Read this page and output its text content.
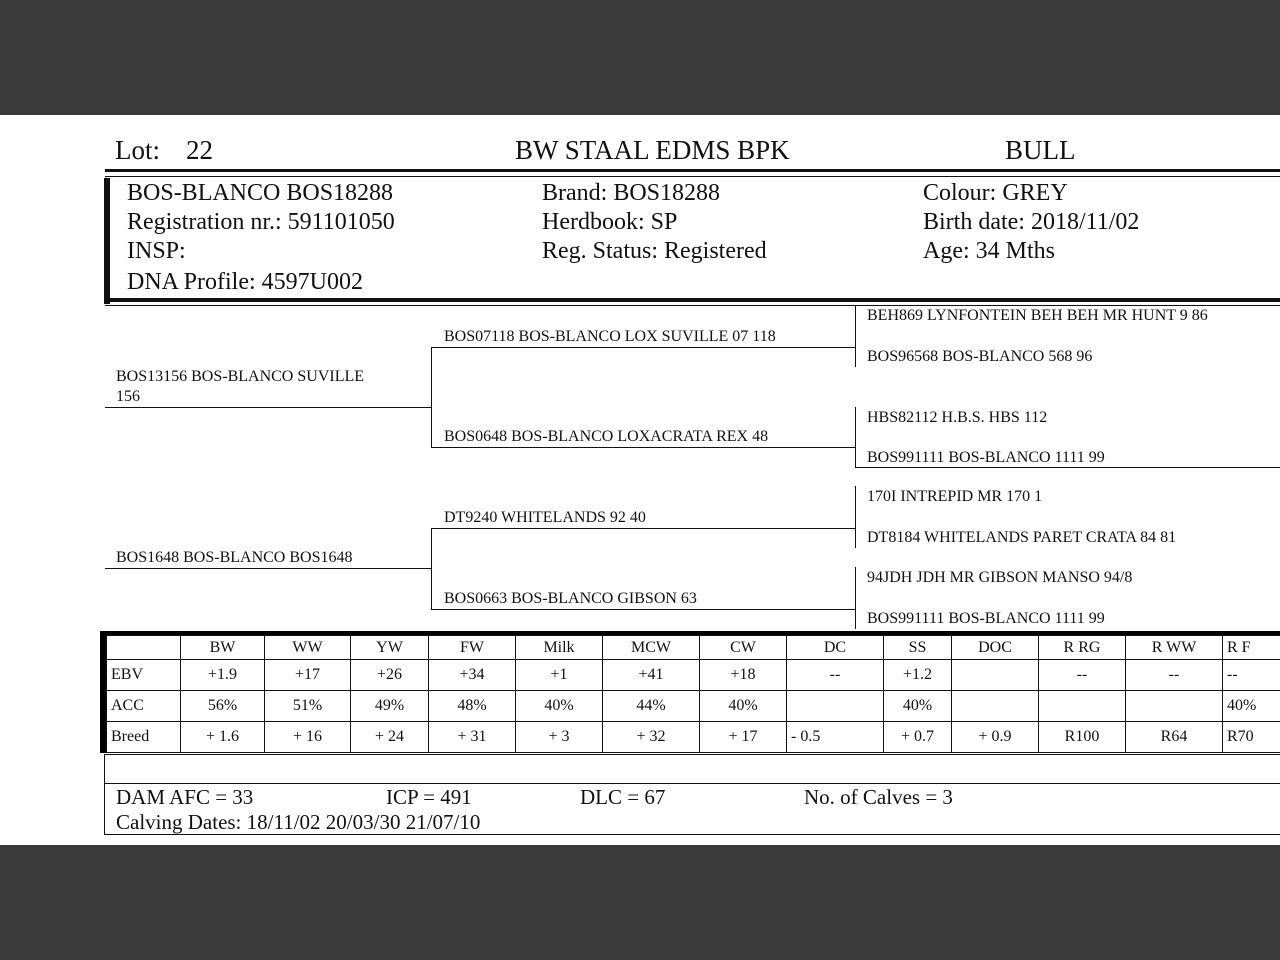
Lot: 22	BW STAAL EDMS BPK	BULL
BOS-BLANCO BOS18288
Registration nr.: 591101050
INSP:
DNA Profile: 4597U002
Brand: BOS18288
Herdbook: SP
Reg. Status: Registered
Colour: GREY
Birth date: 2018/11/02
Age: 34 Mths
BOS13156 BOS-BLANCO SUVILLE
156
BOS1648 BOS-BLANCO BOS1648
BOS07118 BOS-BLANCO LOX SUVILLE 07 118
BOS0648 BOS-BLANCO LOXACRATA REX 48
DT9240 WHITELANDS 92 40
BOS0663 BOS-BLANCO GIBSON 63
BEH869 LYNFONTEIN BEH BEH MR HUNT 9 86
BOS96568 BOS-BLANCO 568 96
HBS82112 H.B.S. HBS 112
BOS991111 BOS-BLANCO 1111 99
170I INTREPID MR 170 1
DT8184 WHITELANDS PARET CRATA 84 81
94JDH JDH MR GIBSON MANSO 94/8
BOS991111 BOS-BLANCO 1111 99
	BW	WW	YW	FW	Milk	MCW	CW	DC	SS	DOC	R RG	R WW	R F
EBV	+1.9	+17	+26	+34	+1	+41	+18	--	+1.2		--	--	--
ACC	56%	51%	49%	48%	40%	44%	40%		40%				40%
Breed	+ 1.6	+ 16	+ 24	+ 31	+ 3	+ 32	+ 17	- 0.5	+ 0.7	+ 0.9	R100	R64	R70
DAM AFC = 33	ICP = 491	DLC = 67	No. of Calves = 3
Calving Dates: 18/11/02 20/03/30 21/07/10
